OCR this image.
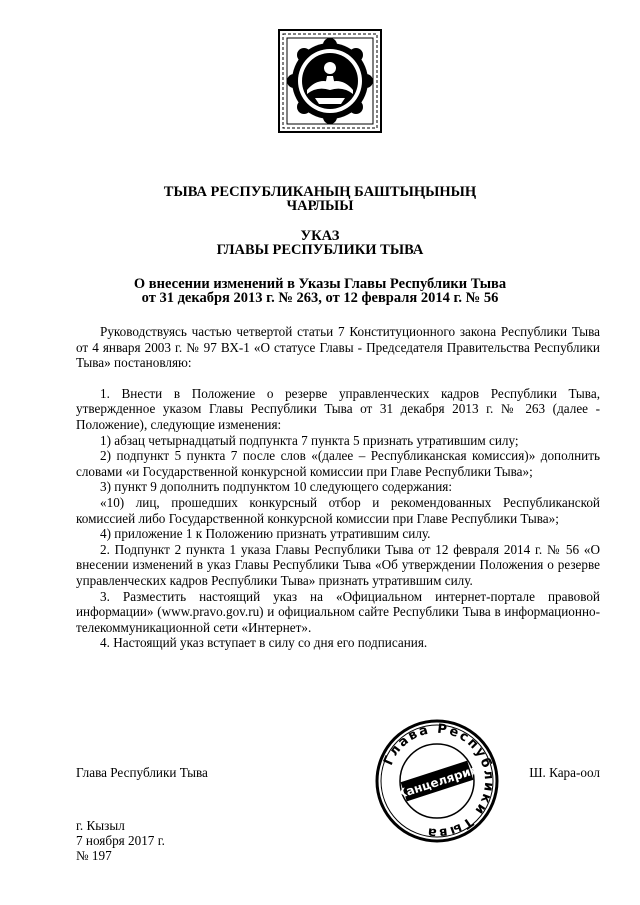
ТЫВА РЕСПУБЛИКАНЫҢ БАШТЫҢЫНЫҢ
ЧАРЛЫЫ
УКАЗ
ГЛАВЫ РЕСПУБЛИКИ ТЫВА
О внесении изменений в Указы Главы Республики Тыва
от 31 декабря 2013 г. № 263, от 12 февраля 2014 г. № 56

Руководствуясь частью четвертой статьи 7 Конституционного закона Республики Тыва от 4 января 2003 г. № 97 ВХ-1 «О статусе Главы - Председателя Правительства Республики Тыва» постановляю:

1. Внести в Положение о резерве управленческих кадров Республики Тыва, утвержденное указом Главы Республики Тыва от 31 декабря 2013 г. № 263 (далее - Положение), следующие изменения:

1) абзац четырнадцатый подпункта 7 пункта 5 признать утратившим силу;

2) подпункт 5 пункта 7 после слов «(далее – Республиканская комиссия)» дополнить словами «и Государственной конкурсной комиссии при Главе Республики Тыва»;

3) пункт 9 дополнить подпунктом 10 следующего содержания:

«10) лиц, прошедших конкурсный отбор и рекомендованных Республиканской комиссией либо Государственной конкурсной комиссии при Главе Республики Тыва»;

4) приложение 1 к Положению признать утратившим силу.

2. Подпункт 2 пункта 1 указа Главы Республики Тыва от 12 февраля 2014 г. № 56 «О внесении изменений в указ Главы Республики Тыва «Об утверждении Положения о резерве управленческих кадров Республики Тыва» признать утратившим силу.

3. Разместить настоящий указ на «Официальном интернет-портале правовой информации» (www.pravo.gov.ru) и официальном сайте Республики Тыва в информационно-телекоммуникационной сети «Интернет».

4. Настоящий указ вступает в силу со дня его подписания.

Глава Республики Тыва	Ш. Кара-оол
г. Кызыл
7 ноября 2017 г.
№ 197
Глава Республики Тыва
Канцелярия
